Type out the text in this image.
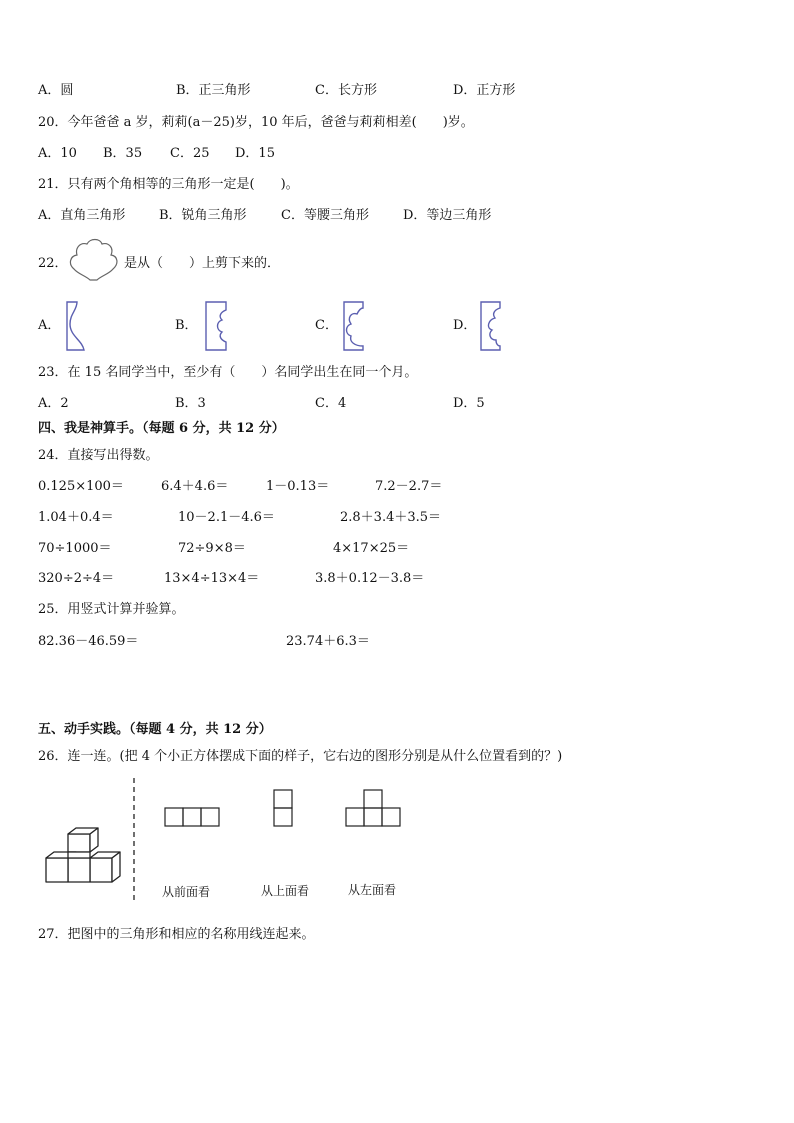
A．圆	B．正三角形	C．长方形	D．正方形
20．今年爸爸 a 岁，莉莉(a－25)岁，10 年后，爸爸与莉莉相差(　　)岁。
A．10 B．35 C．25 D．15
21．只有两个角相等的三角形一定是(　　)。
A．直角三角形	B．锐角三角形	C．等腰三角形	D．等边三角形
22．	是从（　　）上剪下来的．
A．	B．	C．	D．
23．在 15 名同学当中，至少有（　　）名同学出生在同一个月。
A．2	B．3	C．4	D．5
四、我是神算手。（每题 6 分，共 12 分）
24．直接写出得数。
0.125×100＝	6.4＋4.6＝	1－0.13＝	7.2－2.7＝
1.04＋0.4＝	10－2.1－4.6＝	2.8＋3.4＋3.5＝
70÷1000＝	72÷9×8＝	4×17×25＝
320÷2÷4＝	13×4÷13×4＝	3.8＋0.12－3.8＝
25．用竖式计算并验算。
82.36－46.59＝	23.74＋6.3＝
五、动手实践。（每题 4 分，共 12 分）
26．连一连。(把 4 个小正方体摆成下面的样子，它右边的图形分别是从什么位置看到的？)
从前面看	从上面看	从左面看
27．把图中的三角形和相应的名称用线连起来。
